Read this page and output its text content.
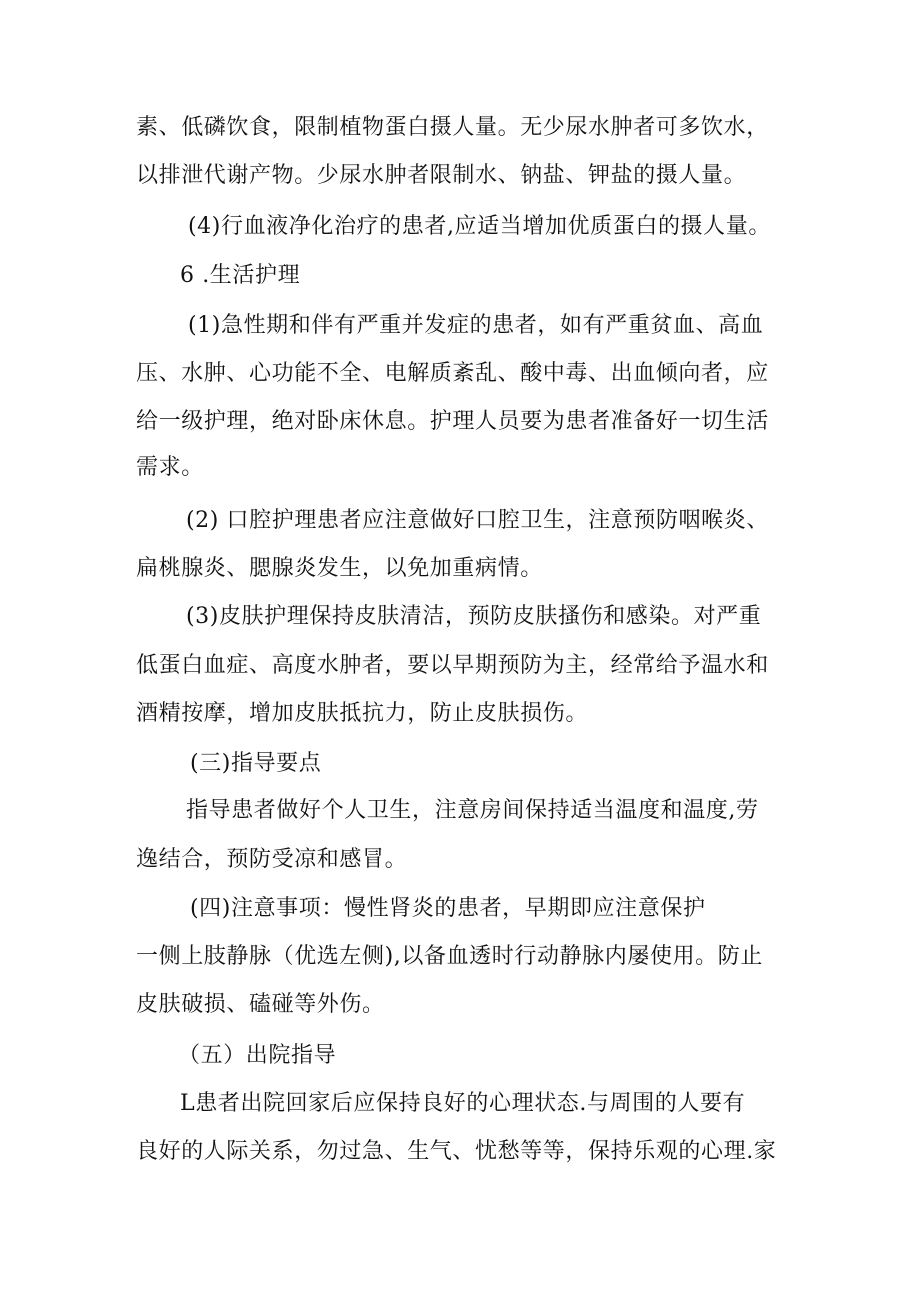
素、低磷饮食，限制植物蛋白摄人量。无少尿水肿者可多饮水，
以排泄代谢产物。少尿水肿者限制水、钠盐、钾盐的摄人量。
(4)行血液净化治疗的患者,应适当增加优质蛋白的摄人量。
6 .生活护理
(1)急性期和伴有严重并发症的患者，如有严重贫血、高血
压、水肿、心功能不全、电解质紊乱、酸中毒、出血倾向者，应
给一级护理，绝对卧床休息。护理人员要为患者准备好一切生活
需求。
(2) 口腔护理患者应注意做好口腔卫生，注意预防咽喉炎、
扁桃腺炎、腮腺炎发生，以免加重病情。
(3)皮肤护理保持皮肤清洁，预防皮肤搔伤和感染。对严重
低蛋白血症、高度水肿者，要以早期预防为主，经常给予温水和
酒精按摩，增加皮肤抵抗力，防止皮肤损伤。
(三)指导要点
指导患者做好个人卫生，注意房间保持适当温度和温度,劳
逸结合，预防受凉和感冒。
(四)注意事项：慢性肾炎的患者，早期即应注意保护
一侧上肢静脉（优选左侧),以备血透时行动静脉内屡使用。防止
皮肤破损、磕碰等外伤。
（五）出院指导
L患者出院回家后应保持良好的心理状态.与周围的人要有
良好的人际关系，勿过急、生气、忧愁等等，保持乐观的心理.家
